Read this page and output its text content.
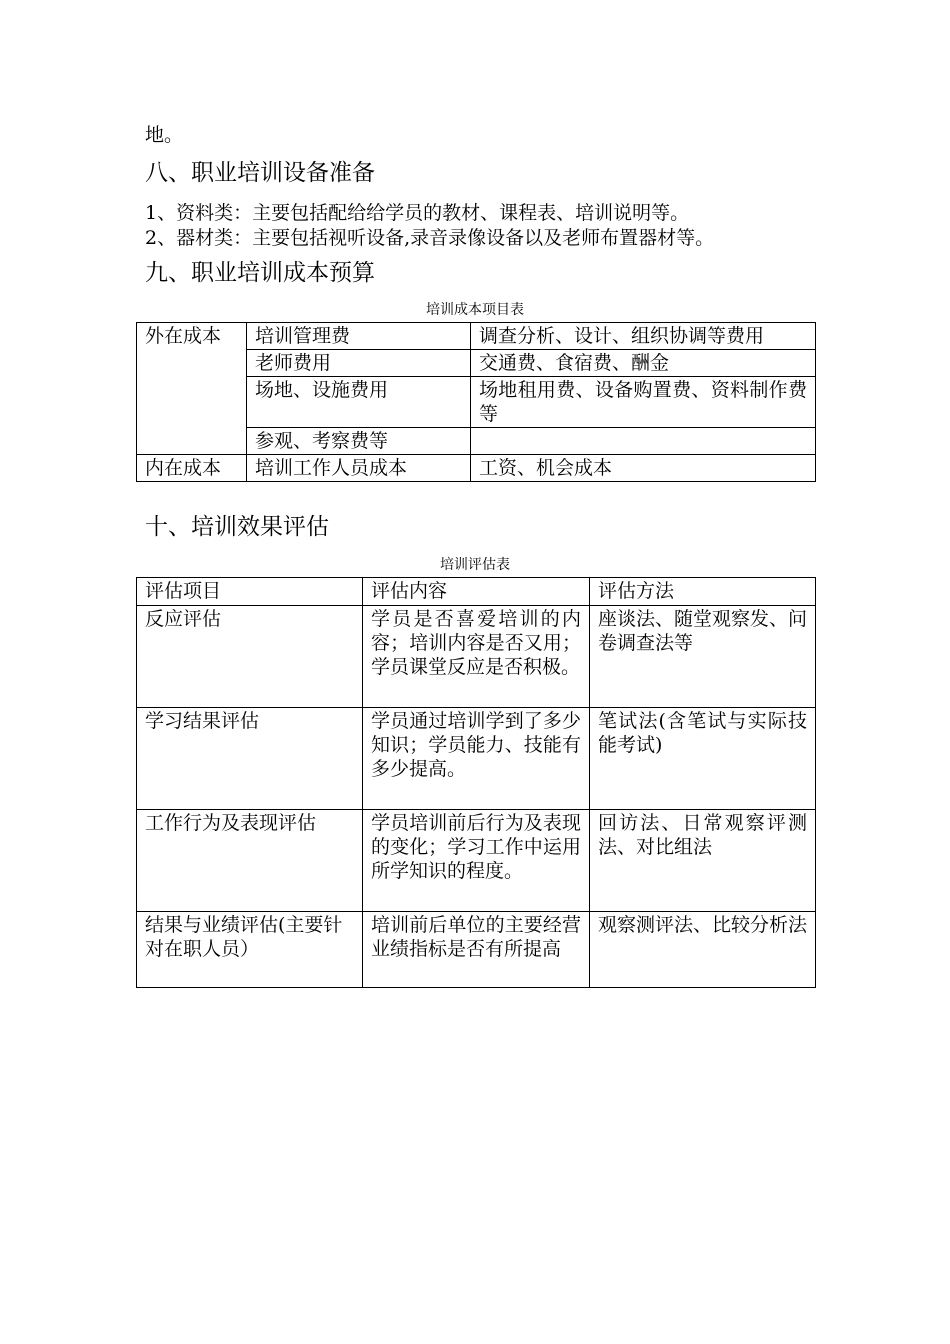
地。
八、职业培训设备准备
1、资料类：主要包括配给给学员的教材、课程表、培训说明等。
2、器材类：主要包括视听设备,录音录像设备以及老师布置器材等。
九、职业培训成本预算
培训成本项目表
外在成本	培训管理费	调查分析、设计、组织协调等费用
	老师费用	交通费、食宿费、酬金
	场地、设施费用	场地租用费、设备购置费、资料制作费等
	参观、考察费等	
内在成本	培训工作人员成本	工资、机会成本
十、培训效果评估
培训评估表
评估项目	评估内容	评估方法
反应评估	学员是否喜爱培训的内容；培训内容是否又用；学员课堂反应是否积极。	座谈法、随堂观察发、问卷调查法等
学习结果评估	学员通过培训学到了多少知识；学员能力、技能有多少提高。	笔试法(含笔试与实际技能考试)
工作行为及表现评估	学员培训前后行为及表现的变化；学习工作中运用所学知识的程度。	回访法、日常观察评测法、对比组法
结果与业绩评估(主要针对在职人员）	培训前后单位的主要经营业绩指标是否有所提高	观察测评法、比较分析法
